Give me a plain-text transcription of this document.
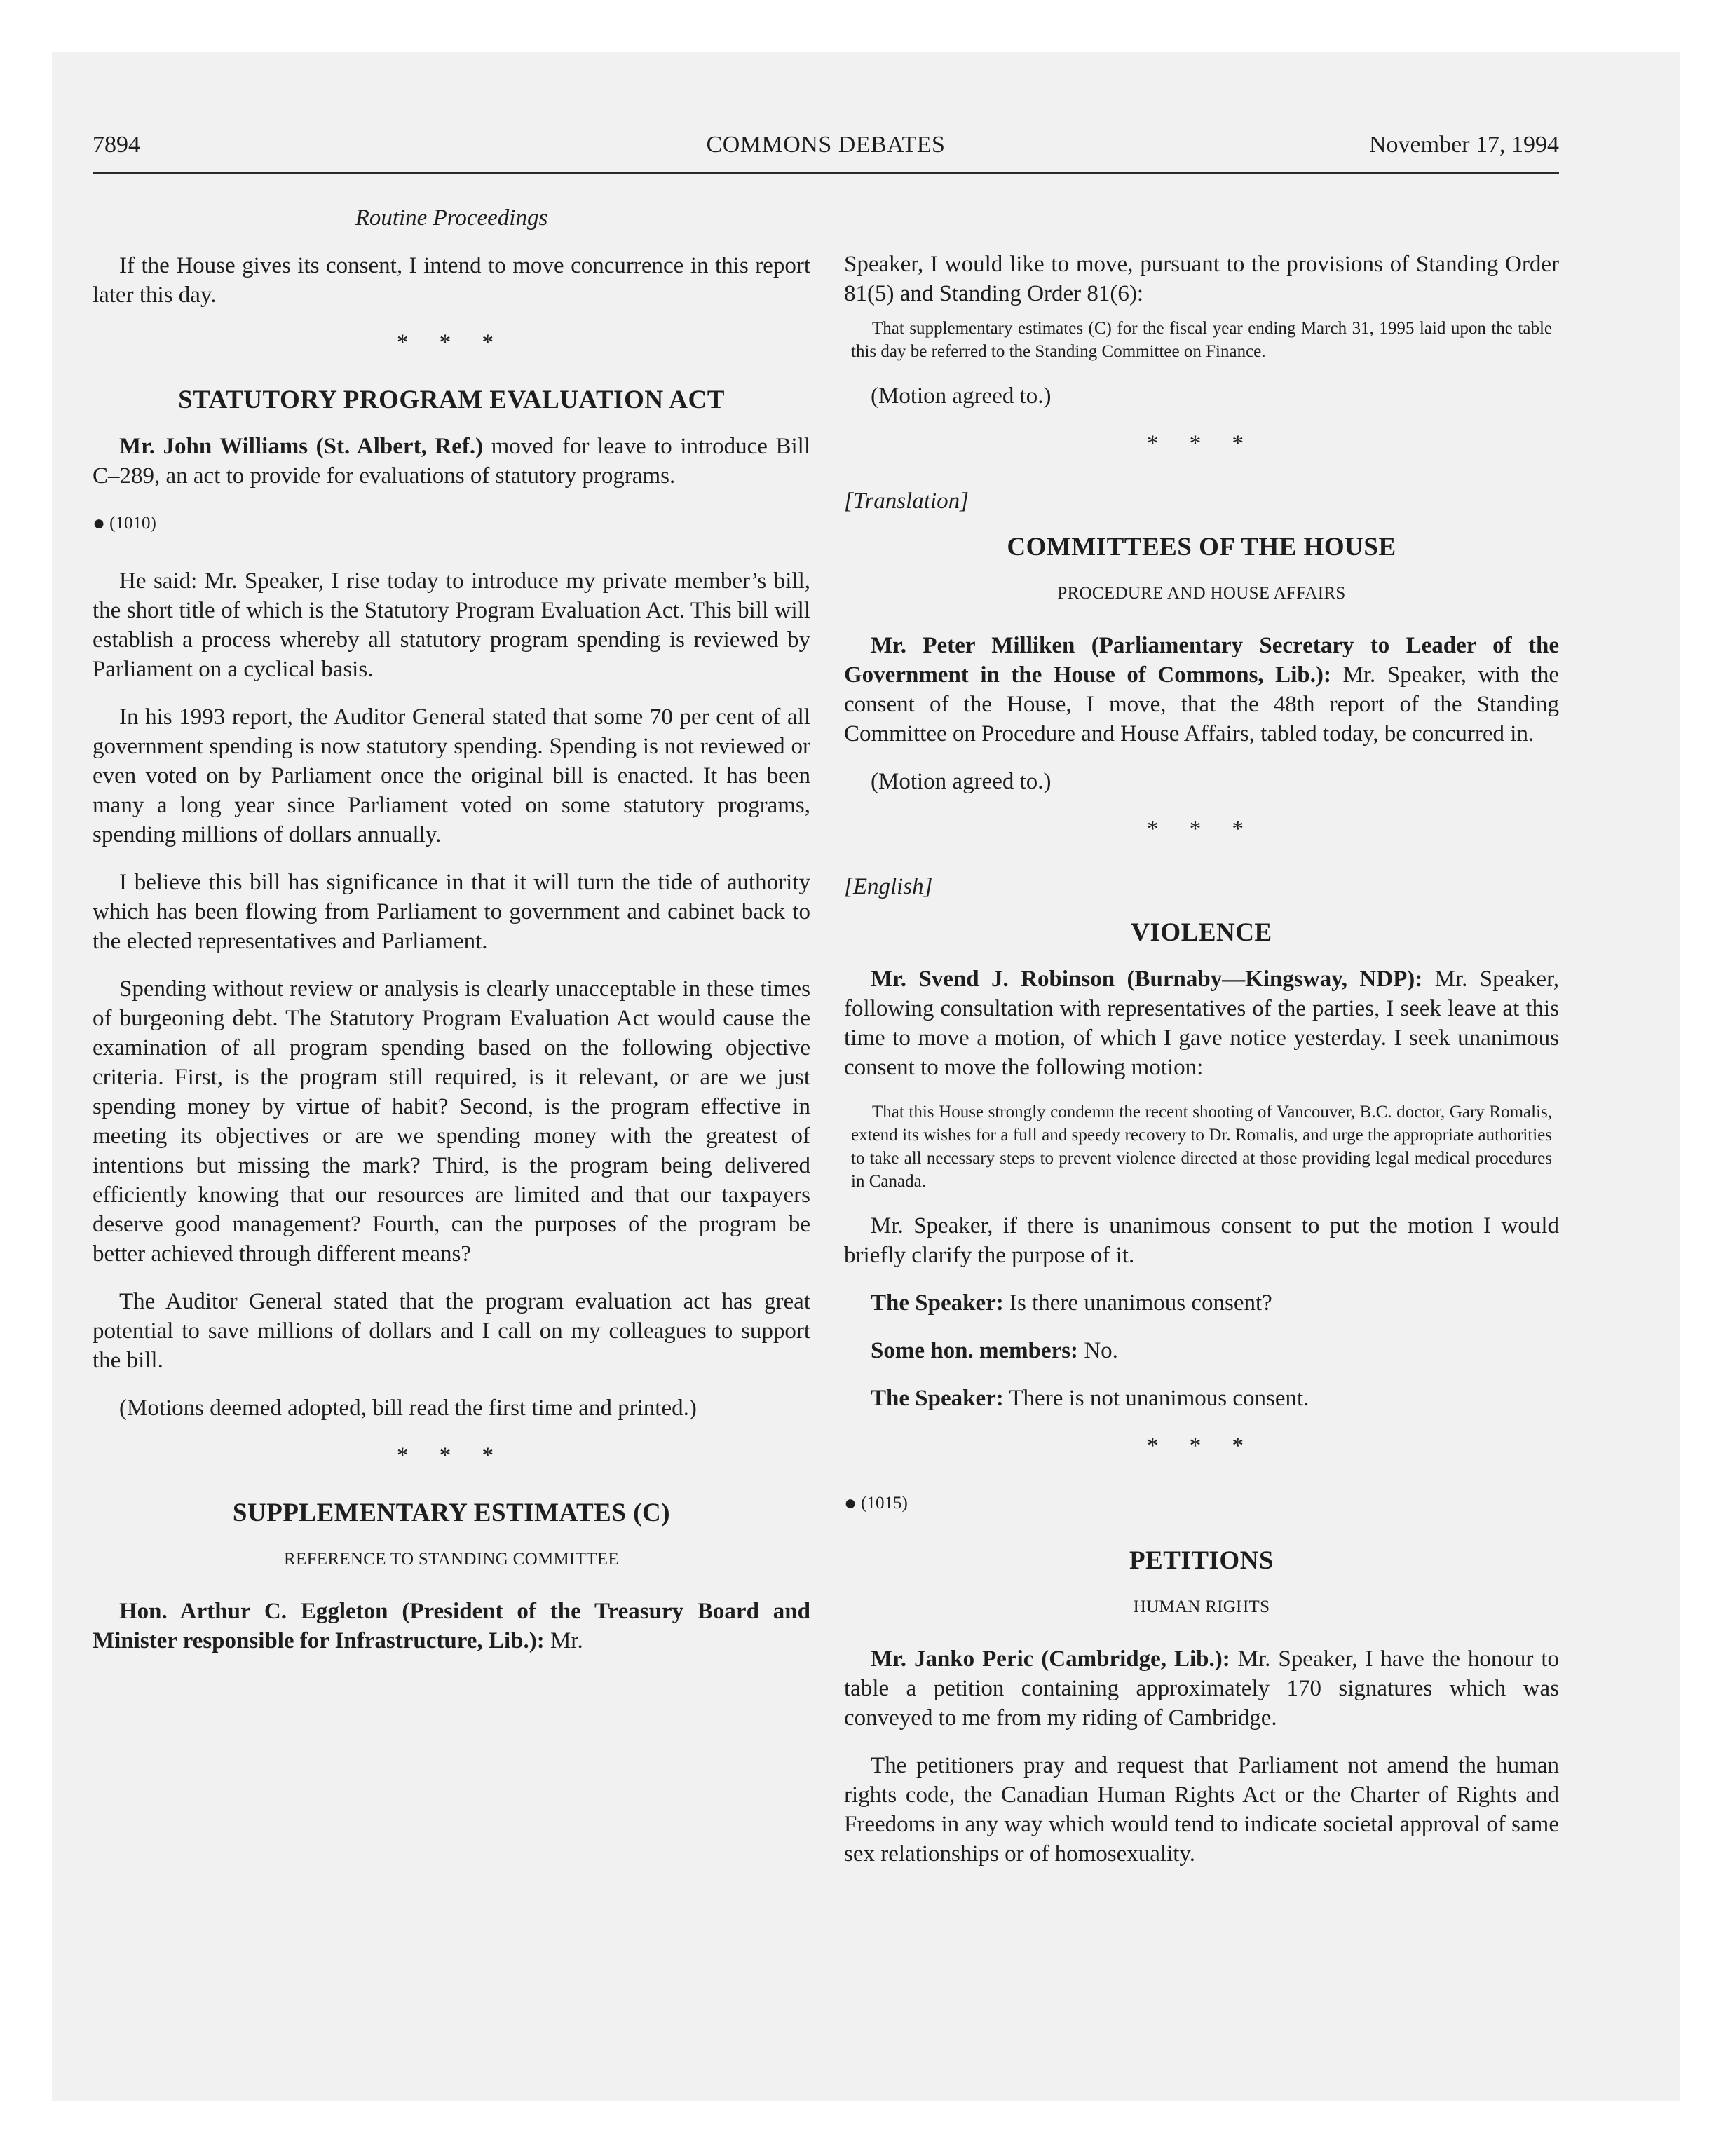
7894	COMMONS DEBATES	November 17, 1994

Routine Proceedings

If the House gives its consent, I intend to move concurrence in this report later this day.

* * *

STATUTORY PROGRAM EVALUATION ACT

Mr. John Williams (St. Albert, Ref.) moved for leave to introduce Bill C–289, an act to provide for evaluations of statutory programs.

● (1010)

He said: Mr. Speaker, I rise today to introduce my private member’s bill, the short title of which is the Statutory Program Evaluation Act. This bill will establish a process whereby all statutory program spending is reviewed by Parliament on a cyclical basis.

In his 1993 report, the Auditor General stated that some 70 per cent of all government spending is now statutory spending. Spending is not reviewed or even voted on by Parliament once the original bill is enacted. It has been many a long year since Parliament voted on some statutory programs, spending millions of dollars annually.

I believe this bill has significance in that it will turn the tide of authority which has been flowing from Parliament to government and cabinet back to the elected representatives and Parliament.

Spending without review or analysis is clearly unacceptable in these times of burgeoning debt. The Statutory Program Evaluation Act would cause the examination of all program spending based on the following objective criteria. First, is the program still required, is it relevant, or are we just spending money by virtue of habit? Second, is the program effective in meeting its objectives or are we spending money with the greatest of intentions but missing the mark? Third, is the program being delivered efficiently knowing that our resources are limited and that our taxpayers deserve good management? Fourth, can the purposes of the program be better achieved through different means?

The Auditor General stated that the program evaluation act has great potential to save millions of dollars and I call on my colleagues to support the bill.

(Motions deemed adopted, bill read the first time and printed.)

* * *

SUPPLEMENTARY ESTIMATES (C)

REFERENCE TO STANDING COMMITTEE

Hon. Arthur C. Eggleton (President of the Treasury Board and Minister responsible for Infrastructure, Lib.): Mr.

Speaker, I would like to move, pursuant to the provisions of Standing Order 81(5) and Standing Order 81(6):

That supplementary estimates (C) for the fiscal year ending March 31, 1995 laid upon the table this day be referred to the Standing Committee on Finance.

(Motion agreed to.)

* * *

[Translation]

COMMITTEES OF THE HOUSE

PROCEDURE AND HOUSE AFFAIRS

Mr. Peter Milliken (Parliamentary Secretary to Leader of the Government in the House of Commons, Lib.): Mr. Speaker, with the consent of the House, I move, that the 48th report of the Standing Committee on Procedure and House Affairs, tabled today, be concurred in.

(Motion agreed to.)

* * *

[English]

VIOLENCE

Mr. Svend J. Robinson (Burnaby—Kingsway, NDP): Mr. Speaker, following consultation with representatives of the parties, I seek leave at this time to move a motion, of which I gave notice yesterday. I seek unanimous consent to move the following motion:

That this House strongly condemn the recent shooting of Vancouver, B.C. doctor, Gary Romalis, extend its wishes for a full and speedy recovery to Dr. Romalis, and urge the appropriate authorities to take all necessary steps to prevent violence directed at those providing legal medical procedures in Canada.

Mr. Speaker, if there is unanimous consent to put the motion I would briefly clarify the purpose of it.

The Speaker: Is there unanimous consent?

Some hon. members: No.

The Speaker: There is not unanimous consent.

* * *

● (1015)

PETITIONS

HUMAN RIGHTS

Mr. Janko Peric (Cambridge, Lib.): Mr. Speaker, I have the honour to table a petition containing approximately 170 signatures which was conveyed to me from my riding of Cambridge.

The petitioners pray and request that Parliament not amend the human rights code, the Canadian Human Rights Act or the Charter of Rights and Freedoms in any way which would tend to indicate societal approval of same sex relationships or of homosexuality.
